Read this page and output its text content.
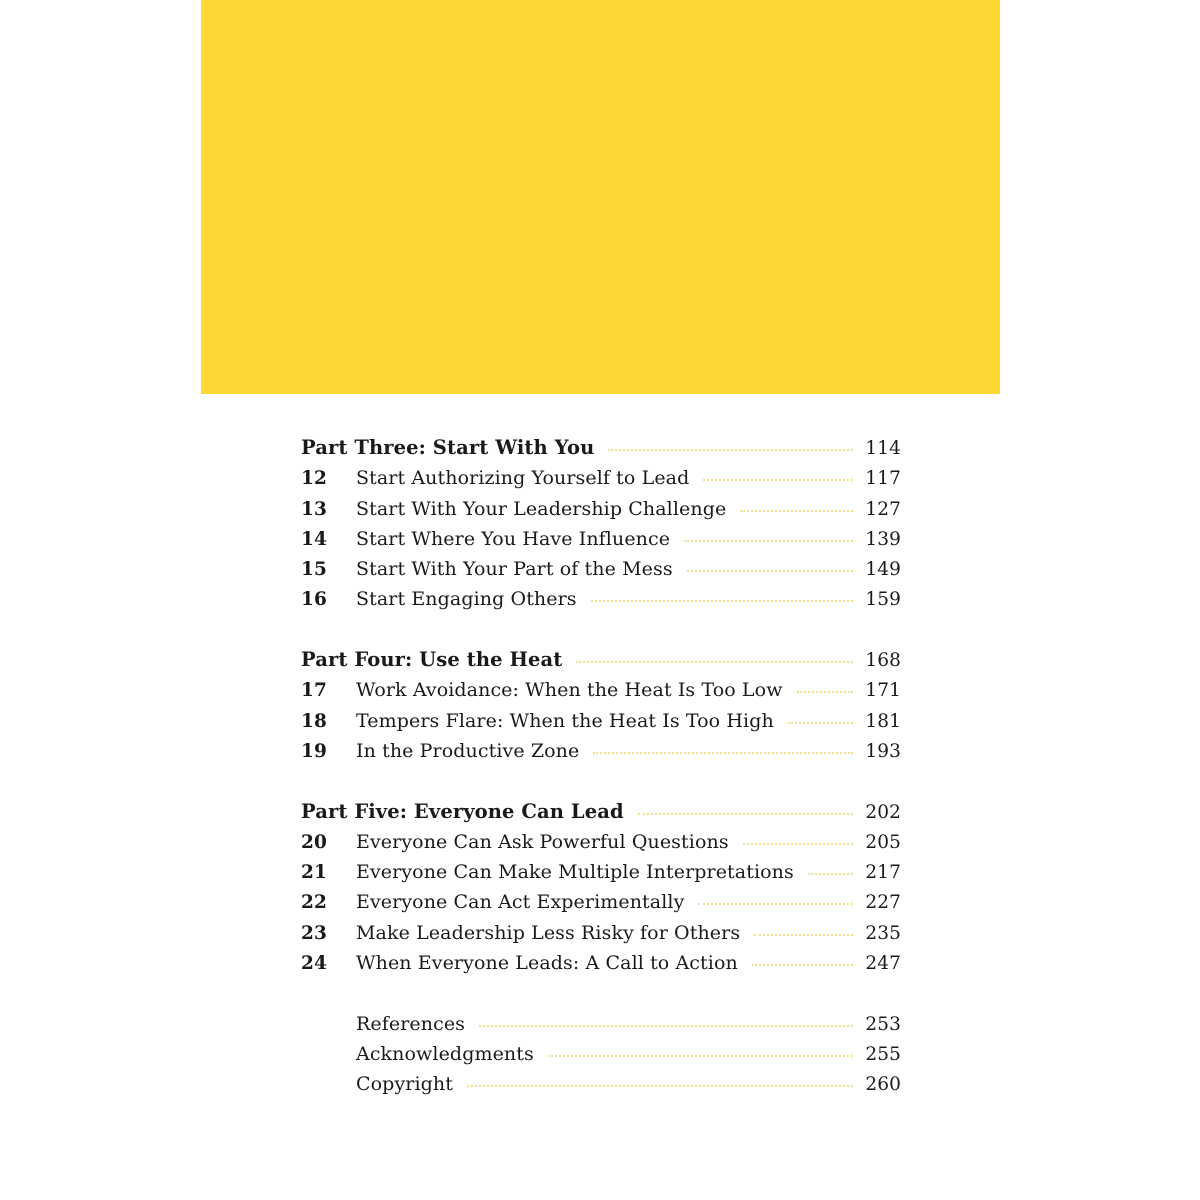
Part Three: Start With You	114
12	Start Authorizing Yourself to Lead	117
13	Start With Your Leadership Challenge	127
14	Start Where You Have Influence	139
15	Start With Your Part of the Mess	149
16	Start Engaging Others	159
Part Four: Use the Heat	168
17	Work Avoidance: When the Heat Is Too Low	171
18	Tempers Flare: When the Heat Is Too High	181
19	In the Productive Zone	193
Part Five: Everyone Can Lead	202
20	Everyone Can Ask Powerful Questions	205
21	Everyone Can Make Multiple Interpretations	217
22	Everyone Can Act Experimentally	227
23	Make Leadership Less Risky for Others	235
24	When Everyone Leads: A Call to Action	247
References	253
Acknowledgments	255
Copyright	260
